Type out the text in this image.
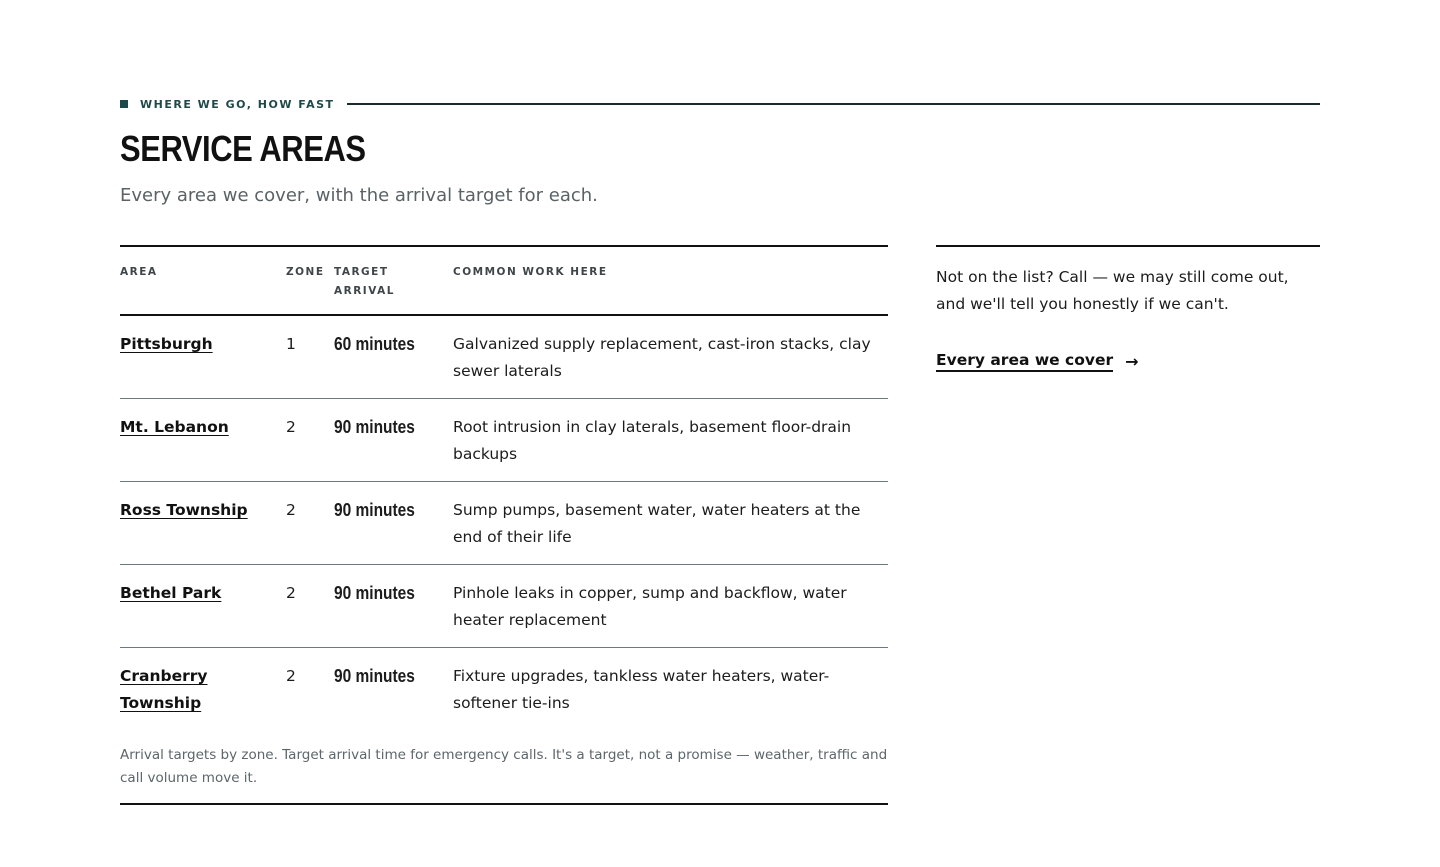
WHERE WE GO, HOW FAST
SERVICE AREAS

Every area we cover, with the arrival target for each.

AREA	ZONE	TARGET ARRIVAL	COMMON WORK HERE
Pittsburgh	1	60 minutes	Galvanized supply replacement, cast-iron stacks, clay sewer laterals
Mt. Lebanon	2	90 minutes	Root intrusion in clay laterals, basement floor-drain backups
Ross Township	2	90 minutes	Sump pumps, basement water, water heaters at the end of their life
Bethel Park	2	90 minutes	Pinhole leaks in copper, sump and backflow, water heater replacement
Cranberry Township	2	90 minutes	Fixture upgrades, tankless water heaters, water-softener tie-ins

Arrival targets by zone. Target arrival time for emergency calls. It's a target, not a promise — weather, traffic and call volume move it.

Not on the list? Call — we may still come out, and we'll tell you honestly if we can't.

Every area we cover →
